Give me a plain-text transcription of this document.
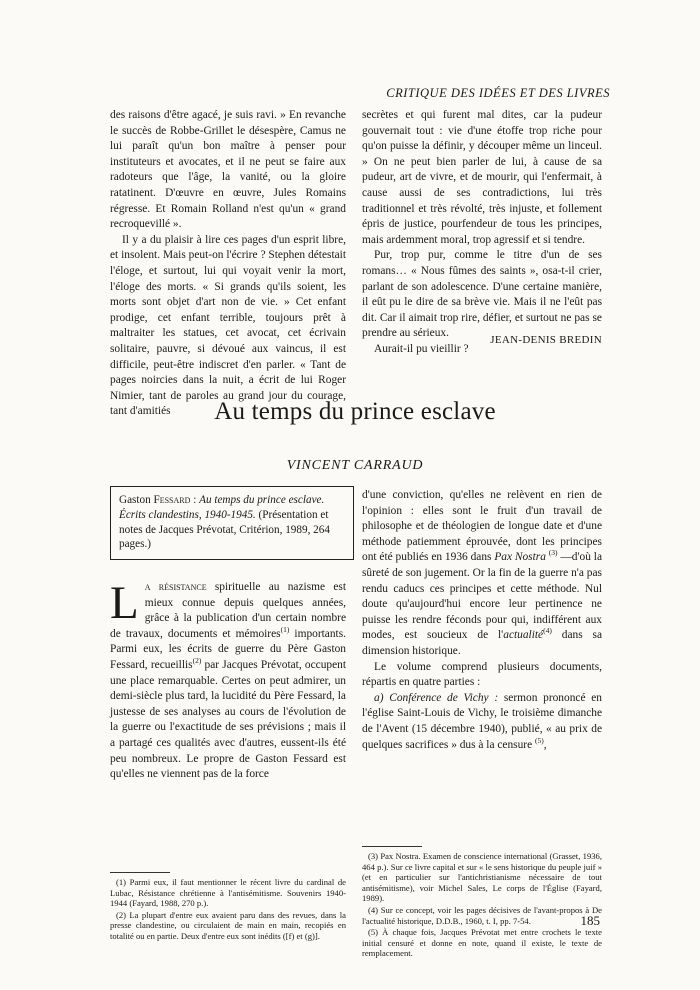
CRITIQUE DES IDÉES ET DES LIVRES

des raisons d'être agacé, je suis ravi. » En revanche le succès de Robbe-Grillet le désespère, Camus ne lui paraît qu'un bon maître à penser pour instituteurs et avocates, et il ne peut se faire aux radoteurs que l'âge, la vanité, ou la gloire ratatinent. D'œuvre en œuvre, Jules Romains régresse. Et Romain Rolland n'est qu'un « grand recroquevillé ».

Il y a du plaisir à lire ces pages d'un esprit libre, et insolent. Mais peut-on l'écrire ? Stephen détestait l'éloge, et surtout, lui qui voyait venir la mort, l'éloge des morts. « Si grands qu'ils soient, les morts sont objet d'art non de vie. » Cet enfant prodige, cet enfant terrible, toujours prêt à maltraiter les statues, cet avocat, cet écrivain solitaire, pauvre, si dévoué aux vaincus, il est difficile, peut-être indiscret d'en parler. « Tant de pages noircies dans la nuit, a écrit de lui Roger Nimier, tant de paroles au grand jour du courage, tant d'amitiés

secrètes et qui furent mal dites, car la pudeur gouvernait tout : vie d'une étoffe trop riche pour qu'on puisse la définir, y découper même un linceul. » On ne peut bien parler de lui, à cause de sa pudeur, art de vivre, et de mourir, qui l'enfermait, à cause aussi de ses contradictions, lui très traditionnel et très révolté, très injuste, et follement épris de justice, pourfendeur de tous les principes, mais ardemment moral, trop agressif et si tendre.

Pur, trop pur, comme le titre d'un de ses romans… « Nous fûmes des saints », osa-t-il crier, parlant de son adolescence. D'une certaine manière, il eût pu le dire de sa brève vie. Mais il ne l'eût pas dit. Car il aimait trop rire, défier, et surtout ne pas se prendre au sérieux.

Aurait-il pu vieillir ?

JEAN-DENIS BREDIN
Au temps du prince esclave
VINCENT CARRAUD
Gaston Fessard : Au temps du prince esclave. Écrits clandestins, 1940-1945. (Présentation et notes de Jacques Prévotat, Critérion, 1989, 264 pages.)

La résistance spirituelle au nazisme est mieux connue depuis quelques années, grâce à la publication d'un certain nombre de travaux, documents et mémoires$^{(1)}$ importants. Parmi eux, les écrits de guerre du Père Gaston Fessard, recueillis$^{(2)}$ par Jacques Prévotat, occupent une place remarquable. Certes on peut admirer, un demi-siècle plus tard, la lucidité du Père Fessard, la justesse de ses analyses au cours de l'évolution de la guerre ou l'exactitude de ses prévisions ; mais il a partagé ces qualités avec d'autres, eussent-ils été peu nombreux. Le propre de Gaston Fessard est qu'elles ne viennent pas de la force

d'une conviction, qu'elles ne relèvent en rien de l'opinion : elles sont le fruit d'un travail de philosophe et de théologien de longue date et d'une méthode patiemment éprouvée, dont les principes ont été publiés en 1936 dans Pax Nostra $^{(3)}$ —d'où la sûreté de son jugement. Or la fin de la guerre n'a pas rendu caducs ces principes et cette méthode. Nul doute qu'aujourd'hui encore leur pertinence ne puisse les rendre féconds pour qui, indifférent aux modes, est soucieux de l'actualité$^{(4)}$ dans sa dimension historique.

Le volume comprend plusieurs documents, répartis en quatre parties :

a) Conférence de Vichy : sermon prononcé en l'église Saint-Louis de Vichy, le troisième dimanche de l'Avent (15 décembre 1940), publié, « au prix de quelques sacrifices » dus à la censure $^{(5)}$,

(1) Parmi eux, il faut mentionner le récent livre du cardinal de Lubac, Résistance chrétienne à l'antisémitisme. Souvenirs 1940-1944 (Fayard, 1988, 270 p.).

(2) La plupart d'entre eux avaient paru dans des revues, dans la presse clandestine, ou circulaient de main en main, recopiés en totalité ou en partie. Deux d'entre eux sont inédits ([f) et (g)].

(3) Pax Nostra. Examen de conscience international (Grasset, 1936, 464 p.). Sur ce livre capital et sur « le sens historique du peuple juif » (et en particulier sur l'antichristianisme nécessaire de tout antisémitisme), voir Michel Sales, Le corps de l'Église (Fayard, 1989).

(4) Sur ce concept, voir les pages décisives de l'avant-propos à De l'actualité historique, D.D.B., 1960, t. I, pp. 7-54.

(5) À chaque fois, Jacques Prévotat met entre crochets le texte initial censuré et donne en note, quand il existe, le texte de remplacement.

185
